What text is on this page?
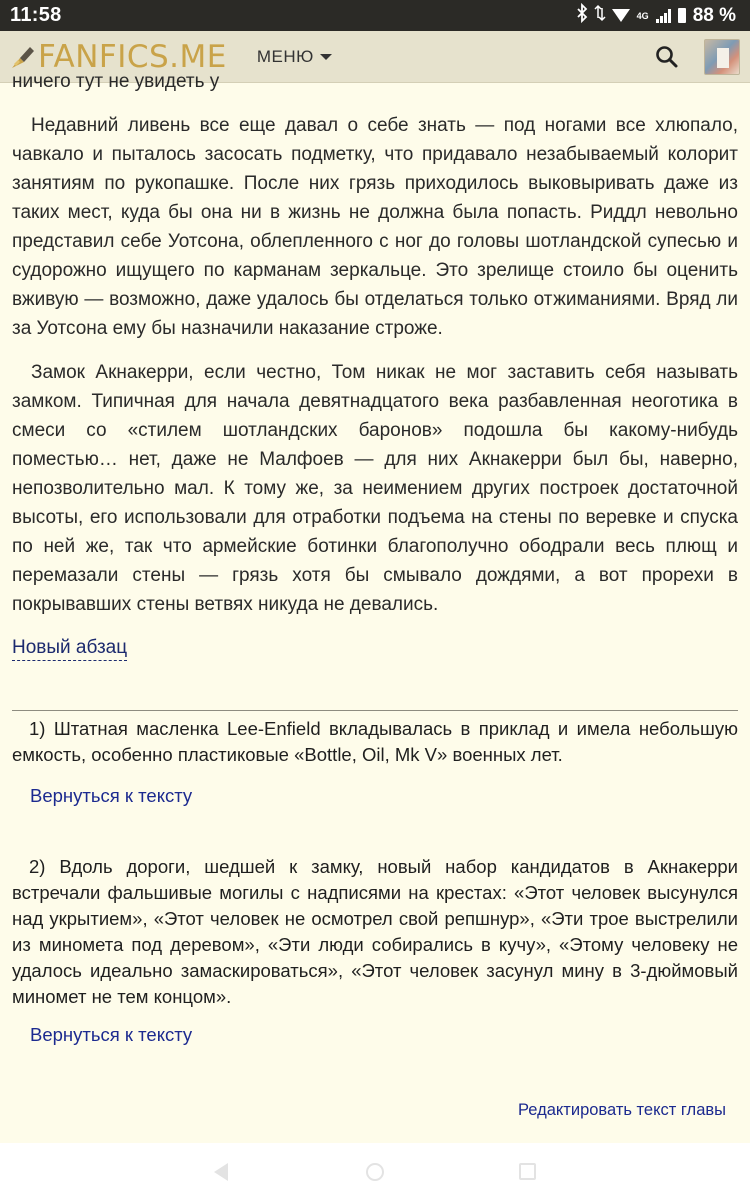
11:58	4G 88 %
FANFICS.ME МЕНЮ
ничего тут не увидеть у

Недавний ливень все еще давал о себе знать — под ногами все хлюпало, чавкало и пыталось засосать подметку, что придавало незабываемый колорит занятиям по рукопашке. После них грязь приходилось выковыривать даже из таких мест, куда бы она ни в жизнь не должна была попасть. Риддл невольно представил себе Уотсона, облепленного с ног до головы шотландской супесью и судорожно ищущего по карманам зеркальце. Это зрелище стоило бы оценить вживую — возможно, даже удалось бы отделаться только отжиманиями. Вряд ли за Уотсона ему бы назначили наказание строже.

Замок Акнакерри, если честно, Том никак не мог заставить себя называть замком. Типичная для начала девятнадцатого века разбавленная неоготика в смеси со «стилем шотландских баронов» подошла бы какому-нибудь поместью… нет, даже не Малфоев — для них Акнакерри был бы, наверно, непозволительно мал. К тому же, за неимением других построек достаточной высоты, его использовали для отработки подъема на стены по веревке и спуска по ней же, так что армейские ботинки благополучно ободрали весь плющ и перемазали стены — грязь хотя бы смывало дождями, а вот прорехи в покрывавших стены ветвях никуда не девались.

Новый абзац

1) Штатная масленка Lee-Enfield вкладывалась в приклад и имела небольшую емкость, особенно пластиковые «Bottle, Oil, Mk V» военных лет.

Вернуться к тексту

2) Вдоль дороги, шедшей к замку, новый набор кандидатов в Акнакерри встречали фальшивые могилы с надписями на крестах: «Этот человек высунулся над укрытием», «Этот человек не осмотрел свой репшнур», «Эти трое выстрелили из миномета под деревом», «Эти люди собирались в кучу», «Этому человеку не удалось идеально замаскироваться», «Этот человек засунул мину в 3-дюймовый миномет не тем концом».

Вернуться к тексту
Редактировать текст главы
